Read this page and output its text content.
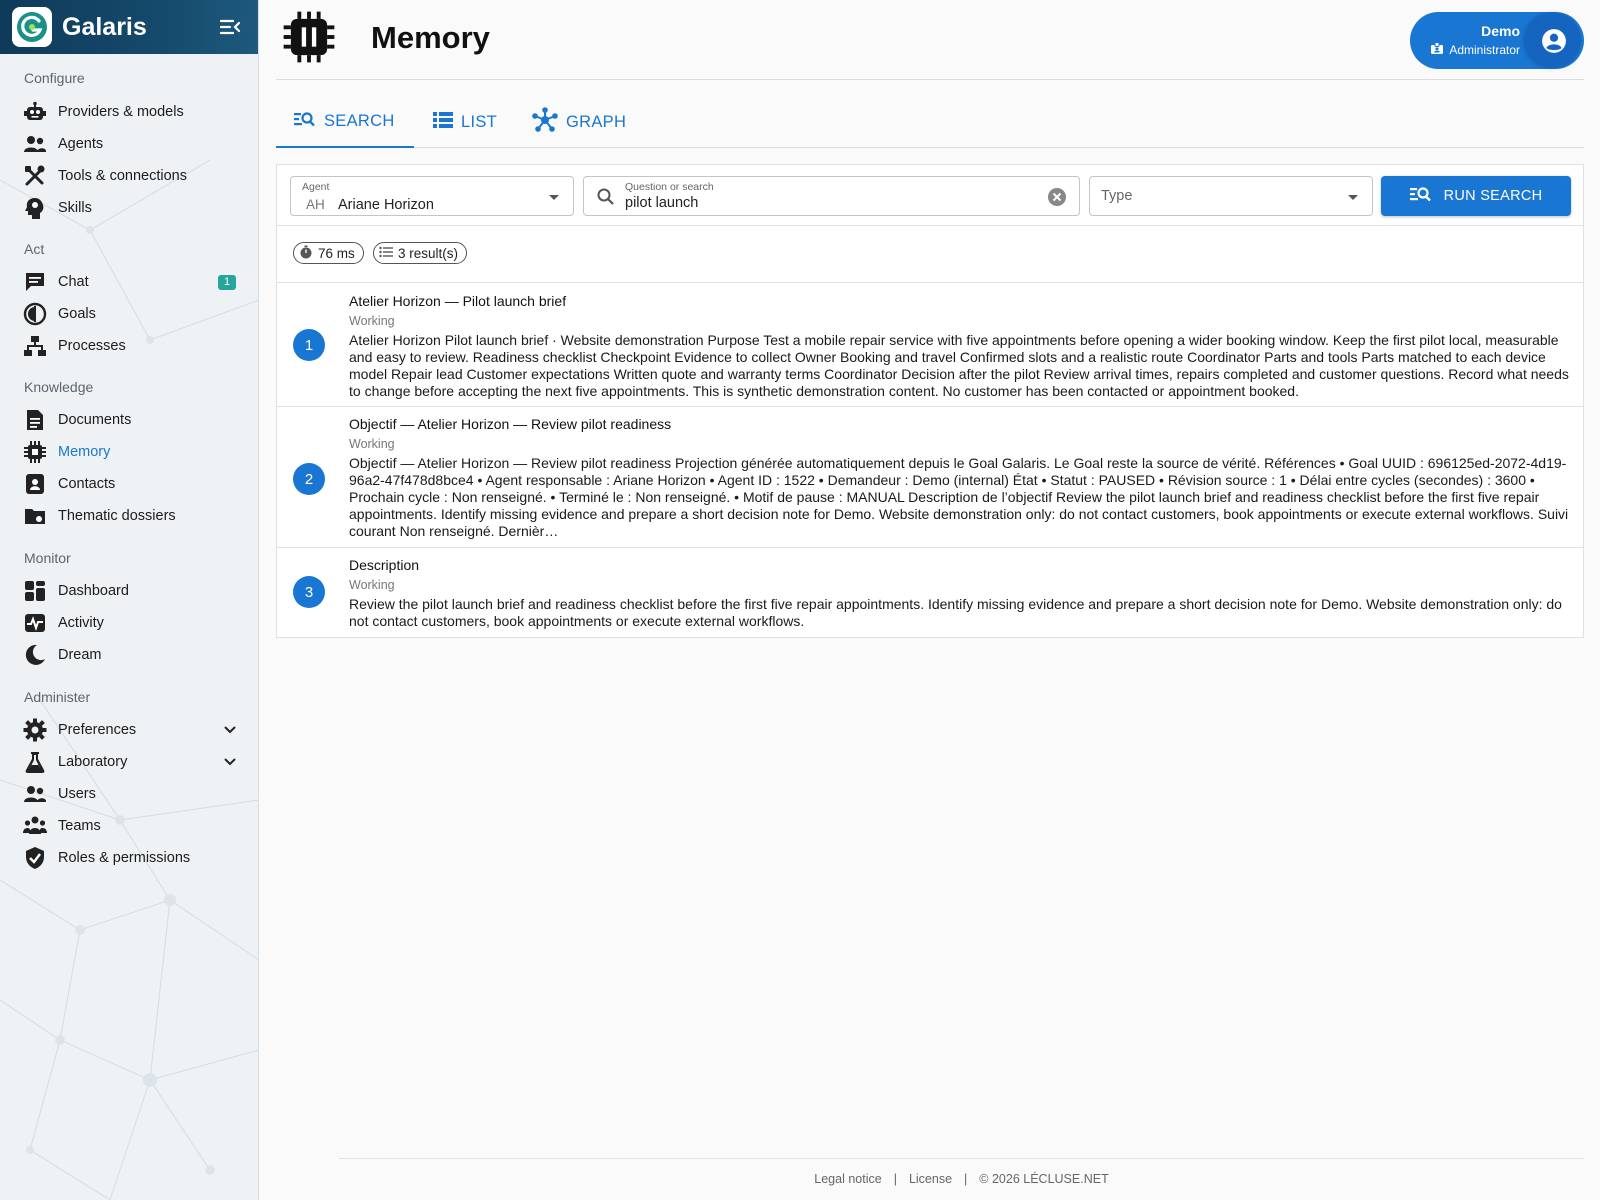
Galaris
Configure
Providers & models
Agents
Tools & connections
Skills
Act
Chat	1
Goals
Processes
Knowledge
Documents
Memory
Contacts
Thematic dossiers
Monitor
Dashboard
Activity
Dream
Administer
Preferences
Laboratory
Users
Teams
Roles & permissions
Memory	Demo
Administrator
SEARCH	LIST	GRAPH
Agent
AH Ariane Horizon
Question or search
pilot launch	Type	RUN SEARCH
76 ms	3 result(s)
1
Atelier Horizon — Pilot launch brief
Working

Atelier Horizon Pilot launch brief · Website demonstration Purpose Test a mobile repair service with five appointments before opening a wider booking window. Keep the first pilot local, measurable and easy to review. Readiness checklist Checkpoint Evidence to collect Owner Booking and travel Confirmed slots and a realistic route Coordinator Parts and tools Parts matched to each device model Repair lead Customer expectations Written quote and warranty terms Coordinator Decision after the pilot Review arrival times, repairs completed and customer questions. Record what needs to change before accepting the next five appointments. This is synthetic demonstration content. No customer has been contacted or appointment booked.

2
Objectif — Atelier Horizon — Review pilot readiness
Working

Objectif — Atelier Horizon — Review pilot readiness Projection générée automatiquement depuis le Goal Galaris. Le Goal reste la source de vérité. Références • Goal UUID : 696125ed-2072-4d19-96a2-47f478d8bce4 • Agent responsable : Ariane Horizon • Agent ID : 1522 • Demandeur : Demo (internal) État • Statut : PAUSED • Révision source : 1 • Délai entre cycles (secondes) : 3600 • Prochain cycle : Non renseigné. • Terminé le : Non renseigné. • Motif de pause : MANUAL Description de l’objectif Review the pilot launch brief and readiness checklist before the first five repair appointments. Identify missing evidence and prepare a short decision note for Demo. Website demonstration only: do not contact customers, book appointments or execute external workflows. Suivi courant Non renseigné. Dernièr…

3
Description
Working

Review the pilot launch brief and readiness checklist before the first five repair appointments. Identify missing evidence and prepare a short decision note for Demo. Website demonstration only: do not contact customers, book appointments or execute external workflows.

Legal notice | License | © 2026 LÉCLUSE.NET
